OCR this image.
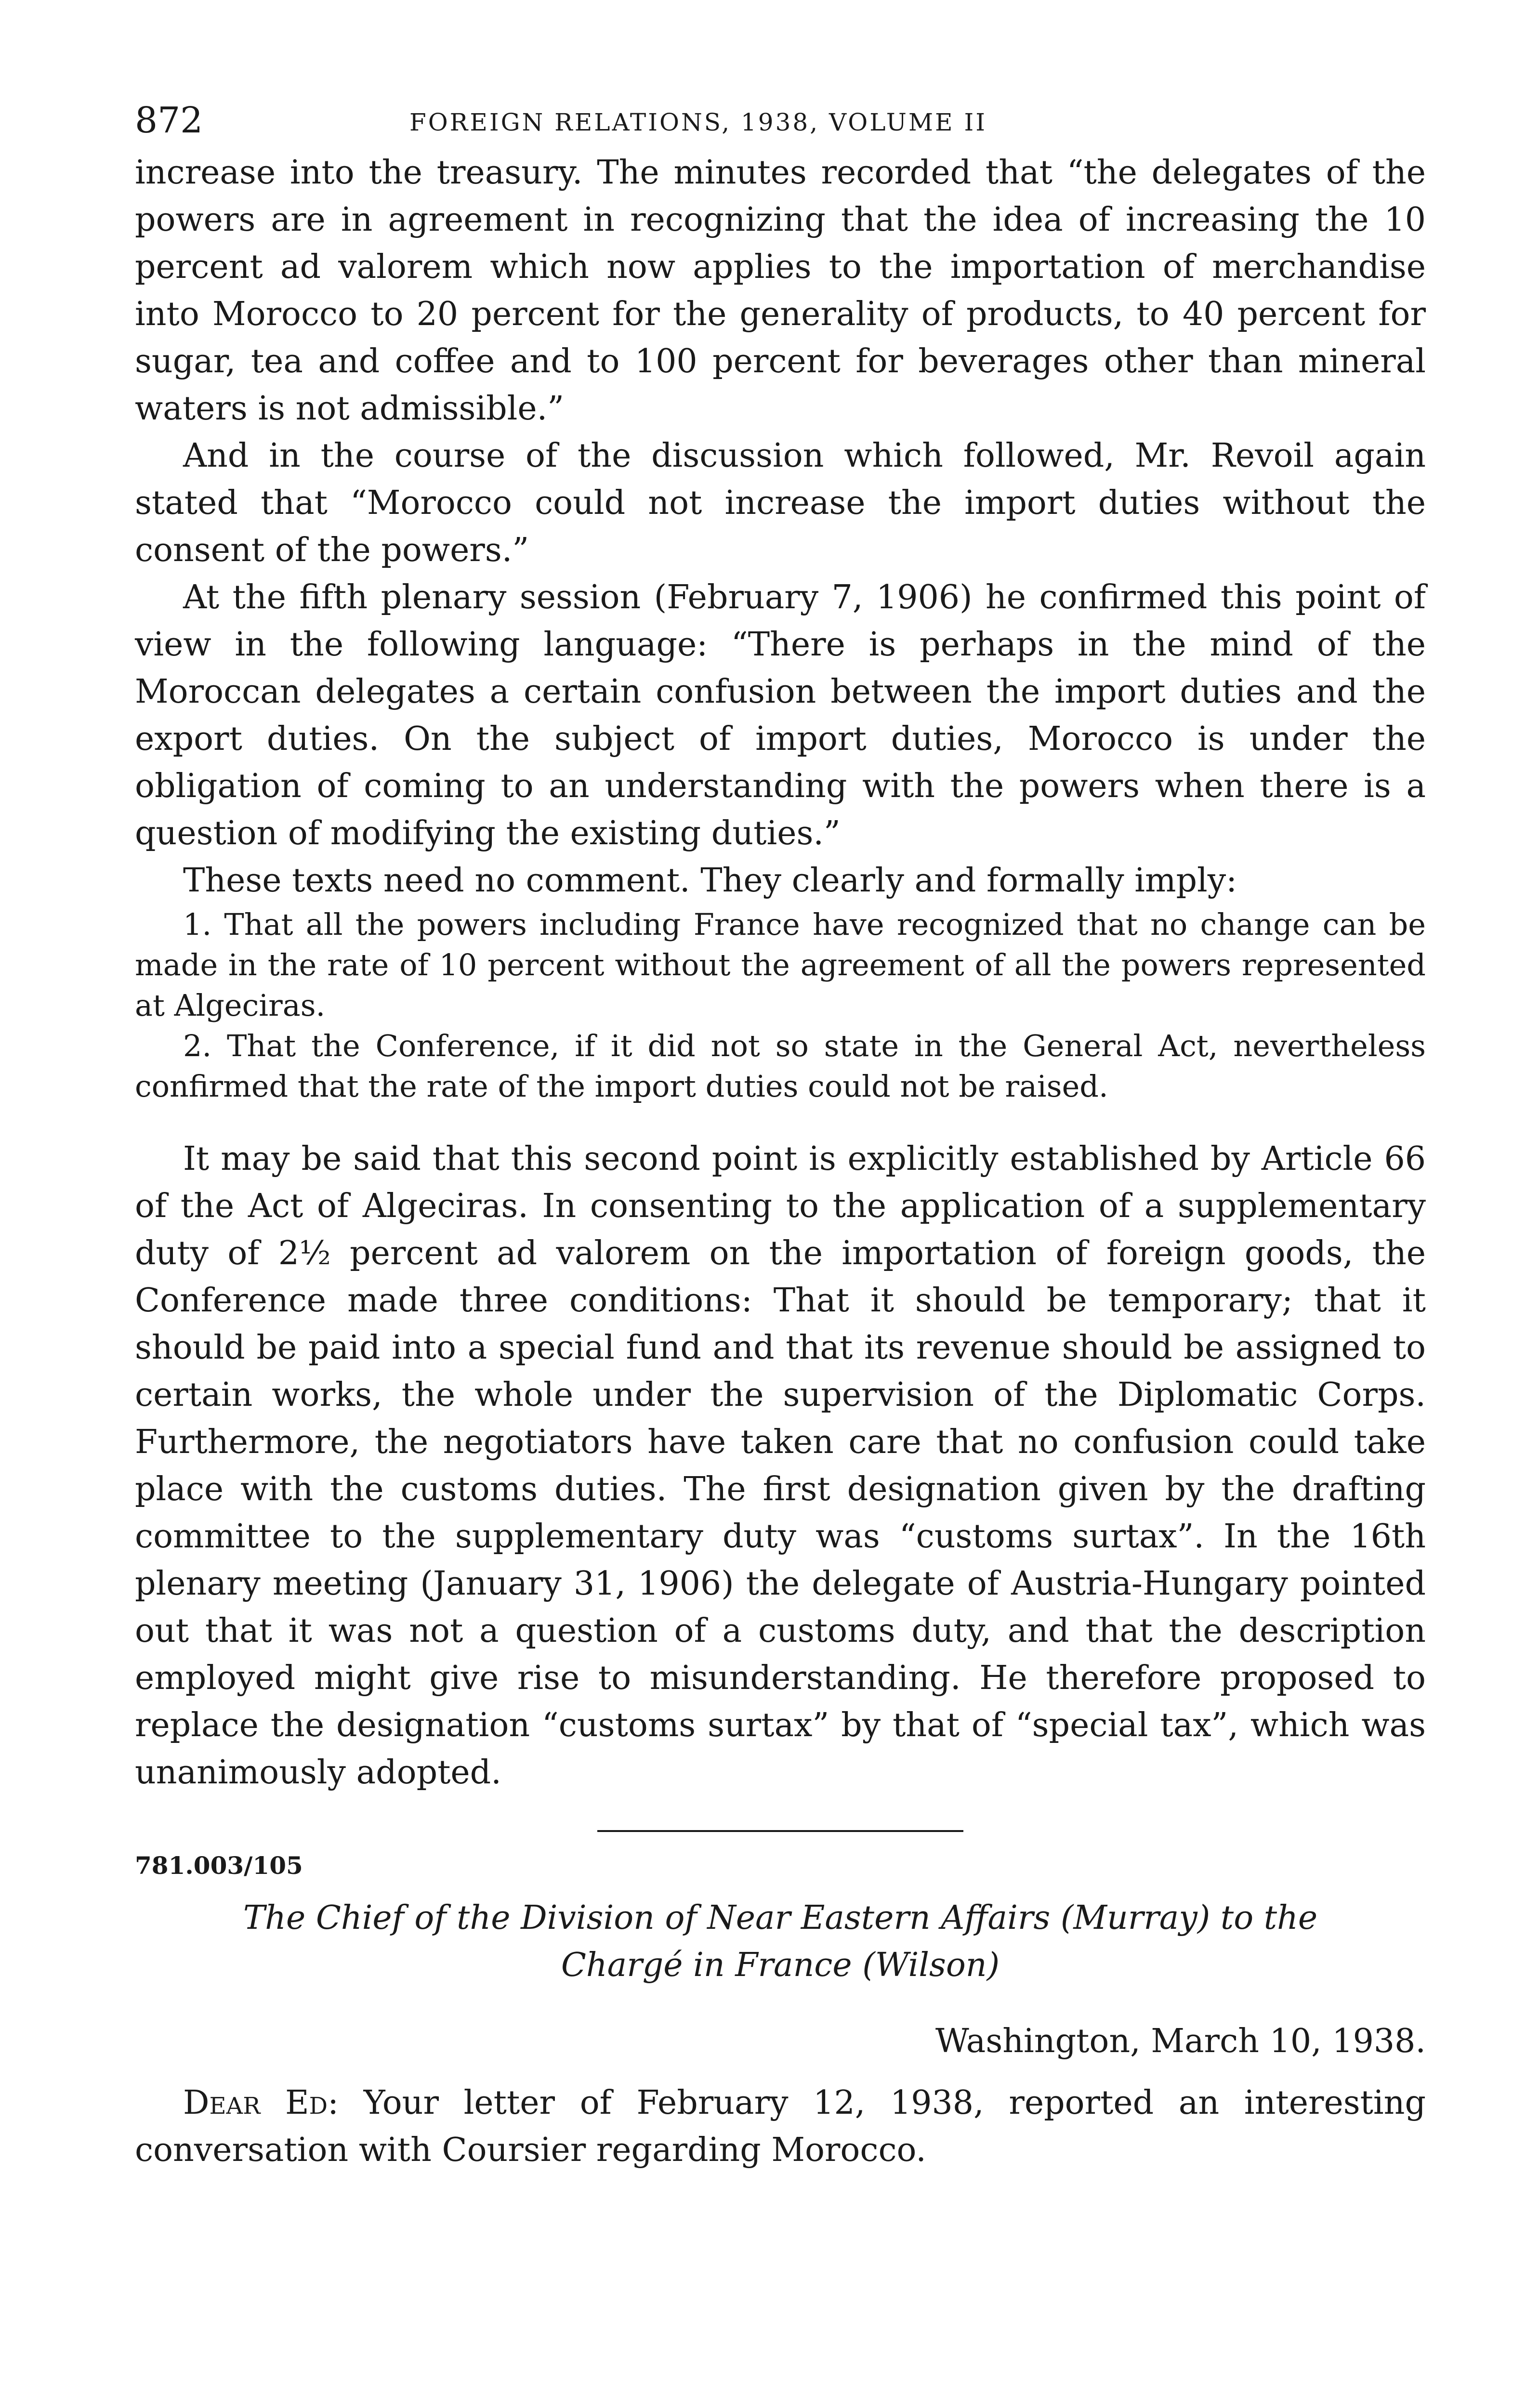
872	FOREIGN RELATIONS, 1938, VOLUME II

increase into the treasury. The minutes recorded that “the delegates of the powers are in agreement in recognizing that the idea of increasing the 10 percent ad valorem which now applies to the importation of merchandise into Morocco to 20 percent for the generality of products, to 40 percent for sugar, tea and coffee and to 100 percent for beverages other than mineral waters is not admissible.”

And in the course of the discussion which followed, Mr. Revoil again stated that “Morocco could not increase the import duties without the consent of the powers.”

At the fifth plenary session (February 7, 1906) he confirmed this point of view in the following language: “There is perhaps in the mind of the Moroccan delegates a certain confusion between the import duties and the export duties. On the subject of import duties, Morocco is under the obligation of coming to an understanding with the powers when there is a question of modifying the existing duties.”

These texts need no comment. They clearly and formally imply:

1. That all the powers including France have recognized that no change can be made in the rate of 10 percent without the agreement of all the powers represented at Algeciras.

2. That the Conference, if it did not so state in the General Act, nevertheless confirmed that the rate of the import duties could not be raised.

It may be said that this second point is explicitly established by Article 66 of the Act of Algeciras. In consenting to the application of a supplementary duty of 2½ percent ad valorem on the importation of foreign goods, the Conference made three conditions: That it should be temporary; that it should be paid into a special fund and that its revenue should be assigned to certain works, the whole under the supervision of the Diplomatic Corps. Furthermore, the negotiators have taken care that no confusion could take place with the customs duties. The first designation given by the drafting committee to the supplementary duty was “customs surtax”. In the 16th plenary meeting (January 31, 1906) the delegate of Austria-Hungary pointed out that it was not a question of a customs duty, and that the description employed might give rise to misunderstanding. He therefore proposed to replace the designation “customs surtax” by that of “special tax”, which was unanimously adopted.

781.003/105

The Chief of the Division of Near Eastern Affairs (Murray) to the
Chargé in France (Wilson)

Washington, March 10, 1938.

Dear Ed: Your letter of February 12, 1938, reported an interesting conversation with Coursier regarding Morocco.
